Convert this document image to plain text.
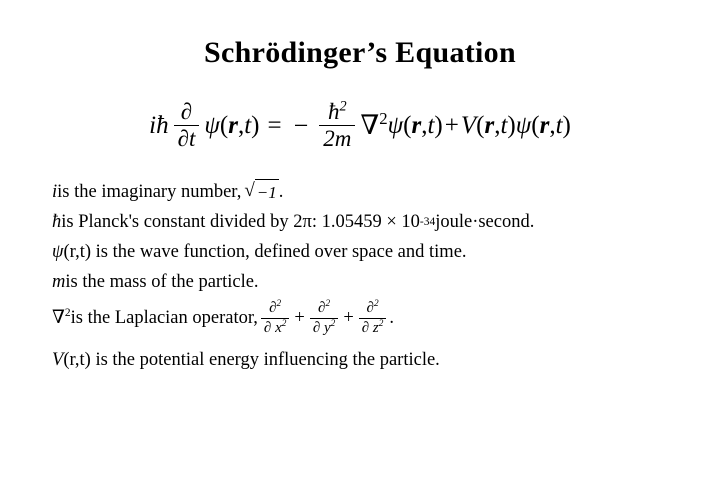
Schrödinger’s Equation
i ħ $\frac{\partial}{\partial t}$ ψ (r,t) = − $\frac{ħ^2}{2m} \nabla^2$ ψ (r,t) + V (r,t) ψ (r,t)
i is the imaginary number, √ −1 .
ħ is Planck's constant divided by 2π: 1.05459 × 10 -34 joule·second.
ψ (r,t) is the wave function, defined over space and time.
m is the mass of the particle.
∇$^2$ is the Laplacian operator, $\frac{\partial^2}{\partial x^2} + \frac{\partial^2}{\partial y^2} + \frac{\partial^2}{\partial z^2}$ .
V (r,t) is the potential energy influencing the particle.
